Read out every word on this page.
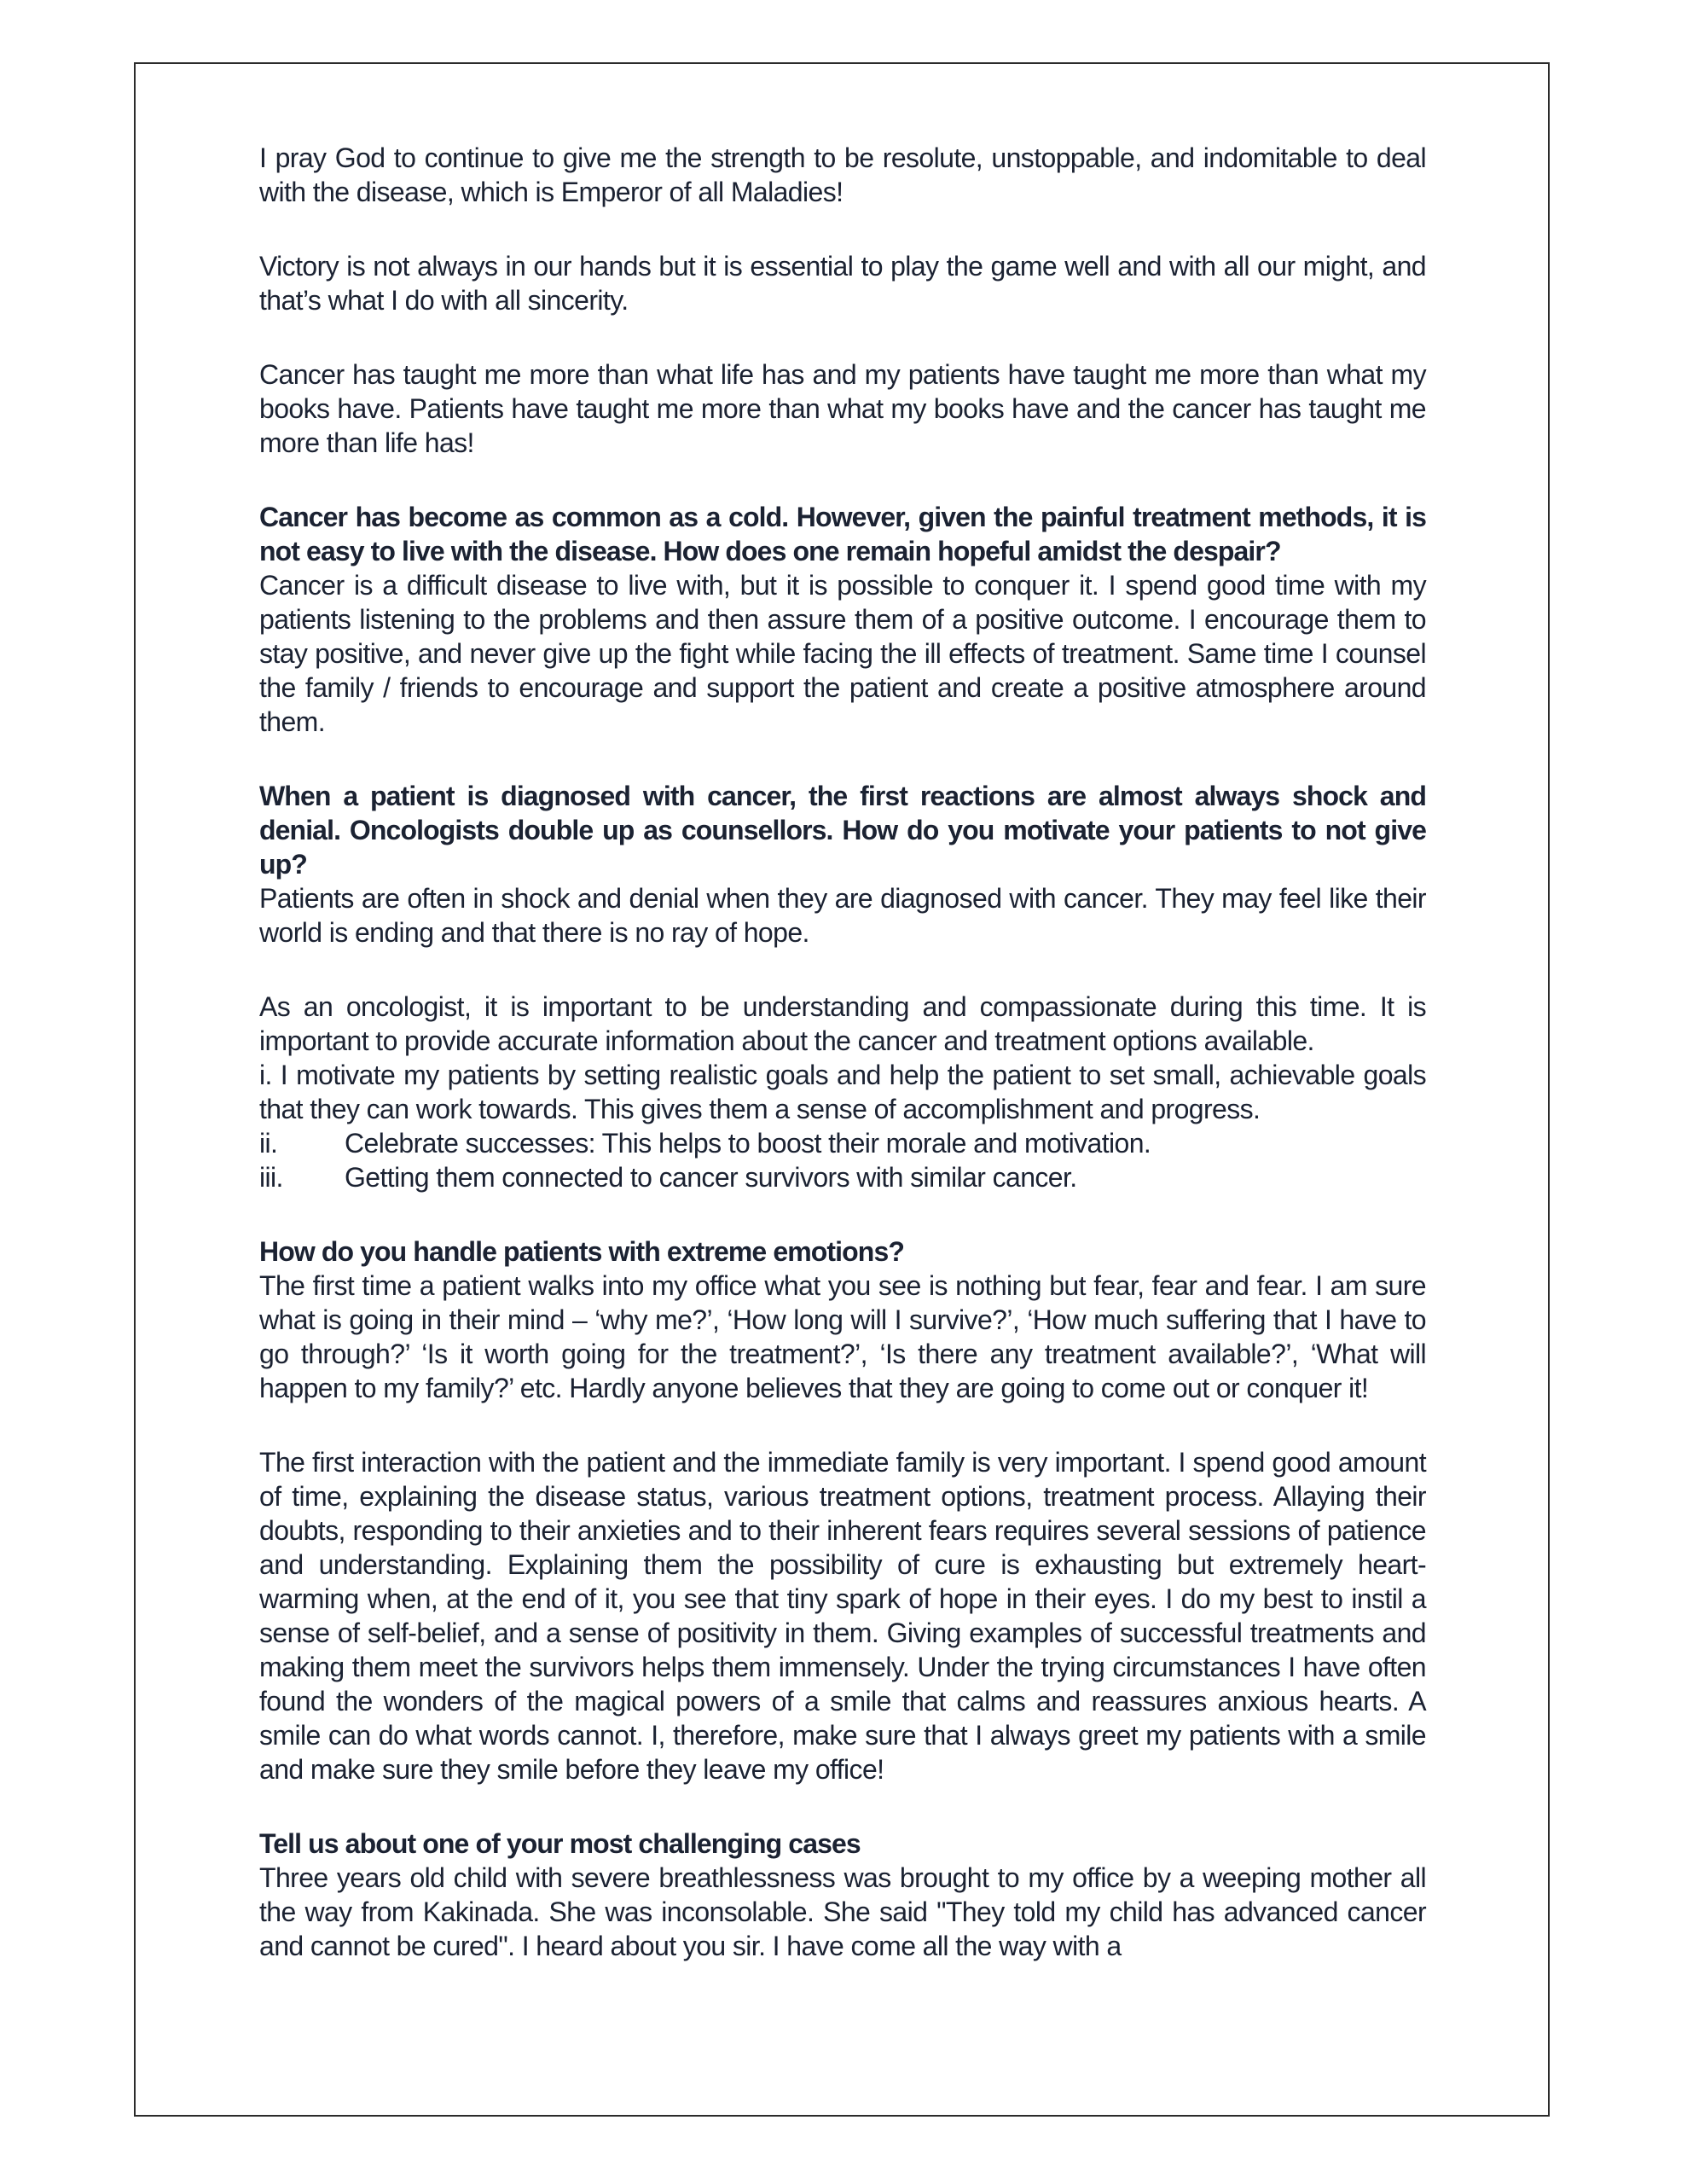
I pray God to continue to give me the strength to be resolute, unstoppable, and indomitable to deal with the disease, which is Emperor of all Maladies!

Victory is not always in our hands but it is essential to play the game well and with all our might, and that’s what I do with all sincerity.

Cancer has taught me more than what life has and my patients have taught me more than what my books have. Patients have taught me more than what my books have and the cancer has taught me more than life has!

Cancer has become as common as a cold. However, given the painful treatment methods, it is not easy to live with the disease. How does one remain hopeful amidst the despair?
Cancer is a difficult disease to live with, but it is possible to conquer it. I spend good time with my patients listening to the problems and then assure them of a positive outcome. I encourage them to stay positive, and never give up the fight while facing the ill effects of treatment. Same time I counsel the family / friends to encourage and support the patient and create a positive atmosphere around them.
When a patient is diagnosed with cancer, the first reactions are almost always shock and denial. Oncologists double up as counsellors. How do you motivate your patients to not give up?
Patients are often in shock and denial when they are diagnosed with cancer. They may feel like their world is ending and that there is no ray of hope.
As an oncologist, it is important to be understanding and compassionate during this time. It is important to provide accurate information about the cancer and treatment options available.
i. I motivate my patients by setting realistic goals and help the patient to set small, achievable goals that they can work towards. This gives them a sense of accomplishment and progress.
ii.	Celebrate successes: This helps to boost their morale and motivation.
iii.	Getting them connected to cancer survivors with similar cancer.
How do you handle patients with extreme emotions?
The first time a patient walks into my office what you see is nothing but fear, fear and fear. I am sure what is going in their mind – ‘why me?’, ‘How long will I survive?’, ‘How much suffering that I have to go through?’ ‘Is it worth going for the treatment?’, ‘Is there any treatment available?’, ‘What will happen to my family?’ etc. Hardly anyone believes that they are going to come out or conquer it!

The first interaction with the patient and the immediate family is very important. I spend good amount of time, explaining the disease status, various treatment options, treatment process. Allaying their doubts, responding to their anxieties and to their inherent fears requires several sessions of patience and understanding. Explaining them the possibility of cure is exhausting but extremely heart-warming when, at the end of it, you see that tiny spark of hope in their eyes. I do my best to instil a sense of self-belief, and a sense of positivity in them. Giving examples of successful treatments and making them meet the survivors helps them immensely. Under the trying circumstances I have often found the wonders of the magical powers of a smile that calms and reassures anxious hearts. A smile can do what words cannot. I, therefore, make sure that I always greet my patients with a smile and make sure they smile before they leave my office!

Tell us about one of your most challenging cases
Three years old child with severe breathlessness was brought to my office by a weeping mother all the way from Kakinada. She was inconsolable. She said "They told my child has advanced cancer and cannot be cured". I heard about you sir. I have come all the way with a
